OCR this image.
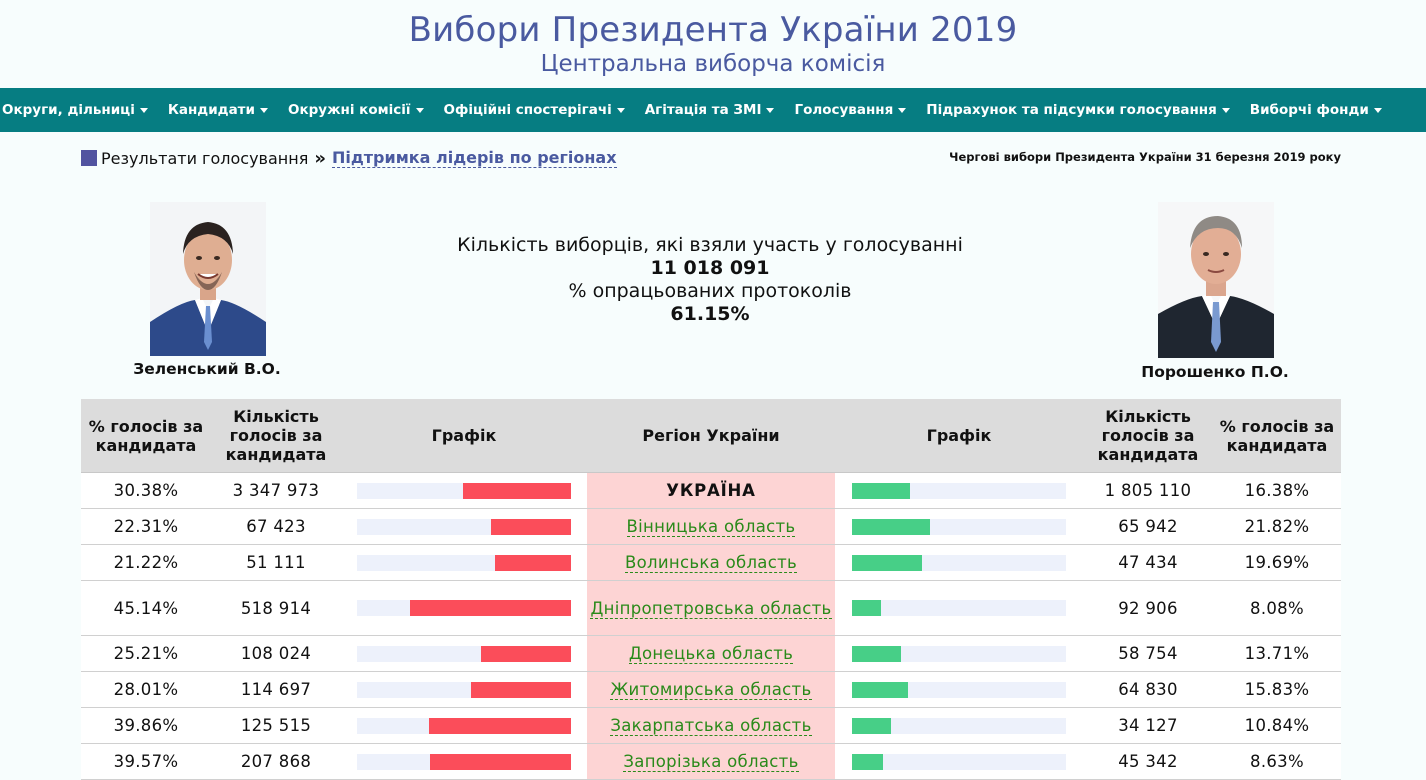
Вибори Президента України 2019
Центральна виборча комісія
Округи, дільниці Кандидати Окружні комісії Офіційні спостерігачі Агітація та ЗМІ Голосування Підрахунок та підсумки голосування Виборчі фонди
Результати голосування » Підтримка лідерів по регіонах	Чергові вибори Президента України 31 березня 2019 року
Зеленський В.О.	Порошенко П.О.
Кількість виборців, які взяли участь у голосуванні
11 018 091
% опрацьованих протоколів
61.15%
% голосів за кандидата	Кількість голосів за кандидата	Графік	Регіон України	Графік	Кількість голосів за кандидата	% голосів за кандидата
30.38%	3 347 973		УКРАЇНА		1 805 110	16.38%
22.31%	67 423		Вінницька область		65 942	21.82%
21.22%	51 111		Волинська область		47 434	19.69%
45.14%	518 914		Дніпропетровська область		92 906	8.08%
25.21%	108 024		Донецька область		58 754	13.71%
28.01%	114 697		Житомирська область		64 830	15.83%
39.86%	125 515		Закарпатська область		34 127	10.84%
39.57%	207 868		Запорізька область		45 342	8.63%
